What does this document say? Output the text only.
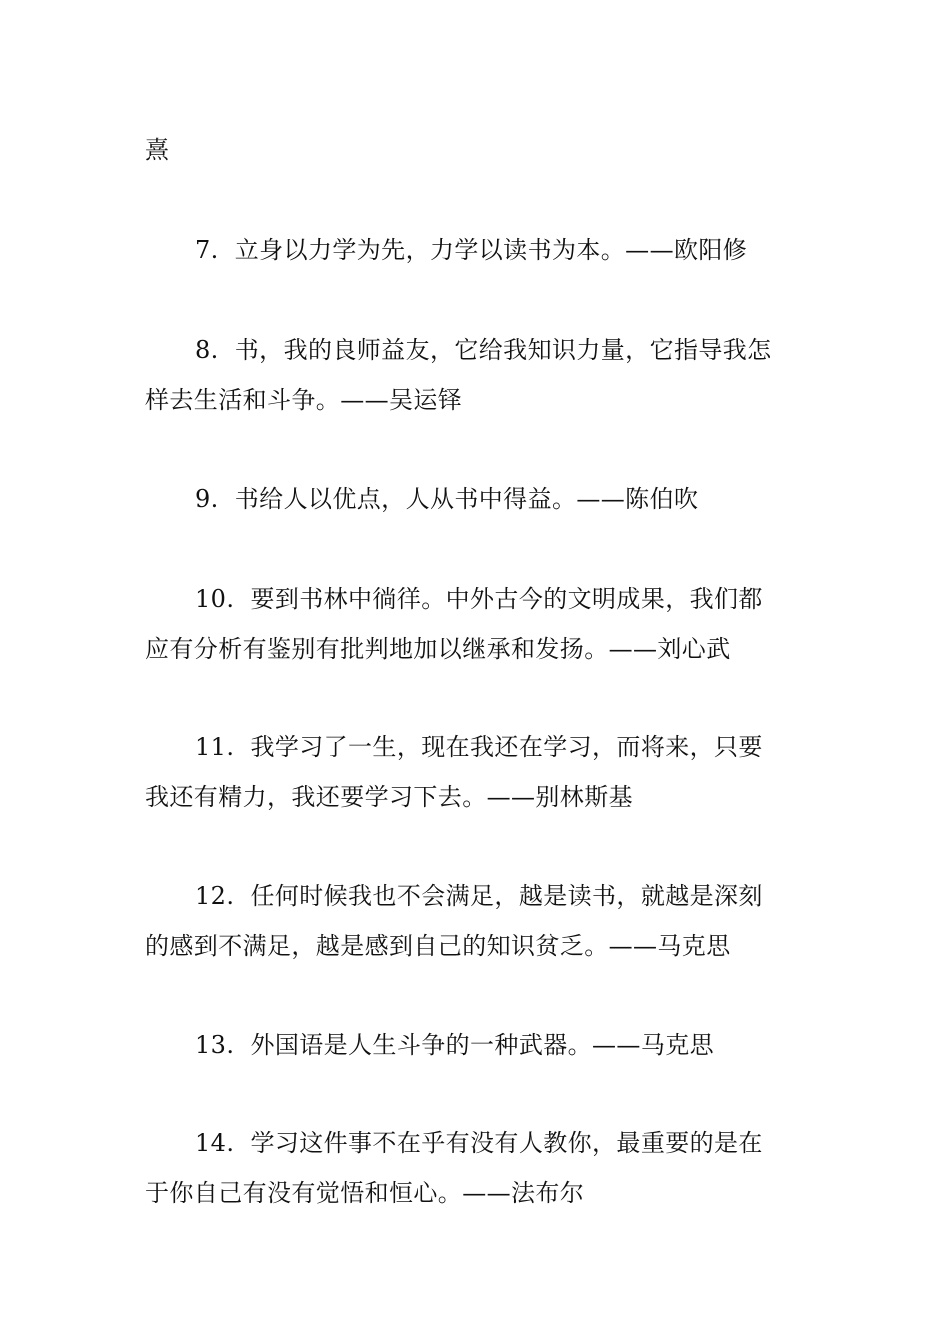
熹

7. 立身以力学为先，力学以读书为本。——欧阳修

8. 书，我的良师益友，它给我知识力量，它指导我怎
样去生活和斗争。——吴运铎

9. 书给人以优点，人从书中得益。——陈伯吹

10. 要到书林中徜徉。中外古今的文明成果，我们都
应有分析有鉴别有批判地加以继承和发扬。——刘心武

11. 我学习了一生，现在我还在学习，而将来，只要
我还有精力，我还要学习下去。——别林斯基

12. 任何时候我也不会满足，越是读书，就越是深刻
的感到不满足，越是感到自己的知识贫乏。——马克思

13. 外国语是人生斗争的一种武器。——马克思

14. 学习这件事不在乎有没有人教你，最重要的是在
于你自己有没有觉悟和恒心。——法布尔
